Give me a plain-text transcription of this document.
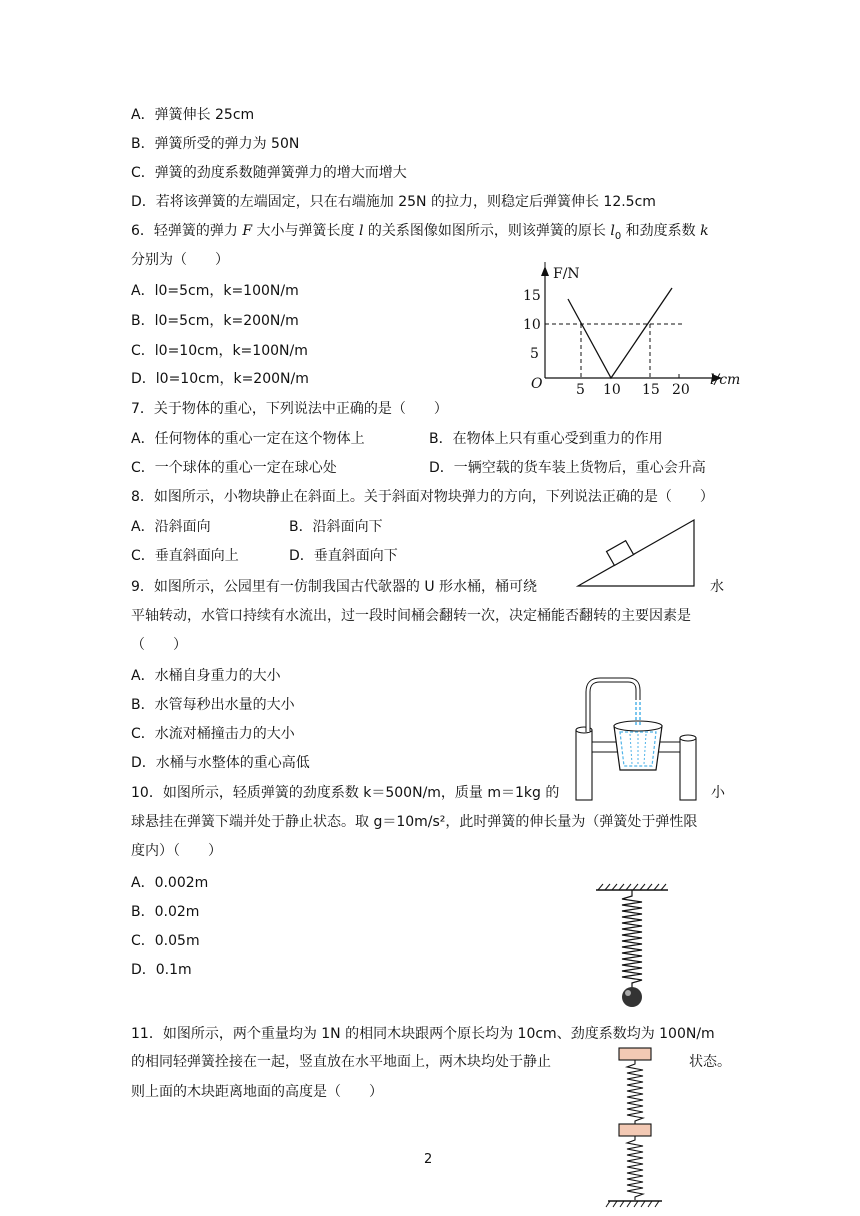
A．弹簧伸长 25cm
B．弹簧所受的弹力为 50N
C．弹簧的劲度系数随弹簧弹力的增大而增大
D．若将该弹簧的左端固定，只在右端施加 25N 的拉力，则稳定后弹簧伸长 12.5cm
6．轻弹簧的弹力 F 大小与弹簧长度 l 的关系图像如图所示，则该弹簧的原长 $l_0$ 和劲度系数 k
分别为（　　）
A．l0=5cm，k=100N/m
B．l0=5cm，k=200N/m
C．l0=10cm，k=100N/m
D．l0=10cm，k=200N/m
F/N
l/cm
O 5 10 15 20
5
10
15
7．关于物体的重心，下列说法中正确的是（　　）
A．任何物体的重心一定在这个物体上	B．在物体上只有重心受到重力的作用
C．一个球体的重心一定在球心处	D．一辆空载的货车装上货物后，重心会升高
8．如图所示，小物块静止在斜面上。关于斜面对物块弹力的方向，下列说法正确的是（　　）
A．沿斜面向	B．沿斜面向下
C．垂直斜面向上	D．垂直斜面向下
9．如图所示，公园里有一仿制我国古代欹器的 U 形水桶，桶可绕	水
平轴转动，水管口持续有水流出，过一段时间桶会翻转一次，决定桶能否翻转的主要因素是
（　　）
A．水桶自身重力的大小
B．水管每秒出水量的大小
C．水流对桶撞击力的大小
D．水桶与水整体的重心高低
10．如图所示，轻质弹簧的劲度系数 k＝500N/m，质量 m＝1kg 的	小
球悬挂在弹簧下端并处于静止状态。取 g＝10m/s²，此时弹簧的伸长量为（弹簧处于弹性限
度内）（　　）
A．0.002m
B．0.02m
C．0.05m
D．0.1m
11．如图所示，两个重量均为 1N 的相同木块跟两个原长均为 10cm、劲度系数均为 100N/m
的相同轻弹簧拴接在一起，竖直放在水平地面上，两木块均处于静止	状态。
则上面的木块距离地面的高度是（　　）
2
